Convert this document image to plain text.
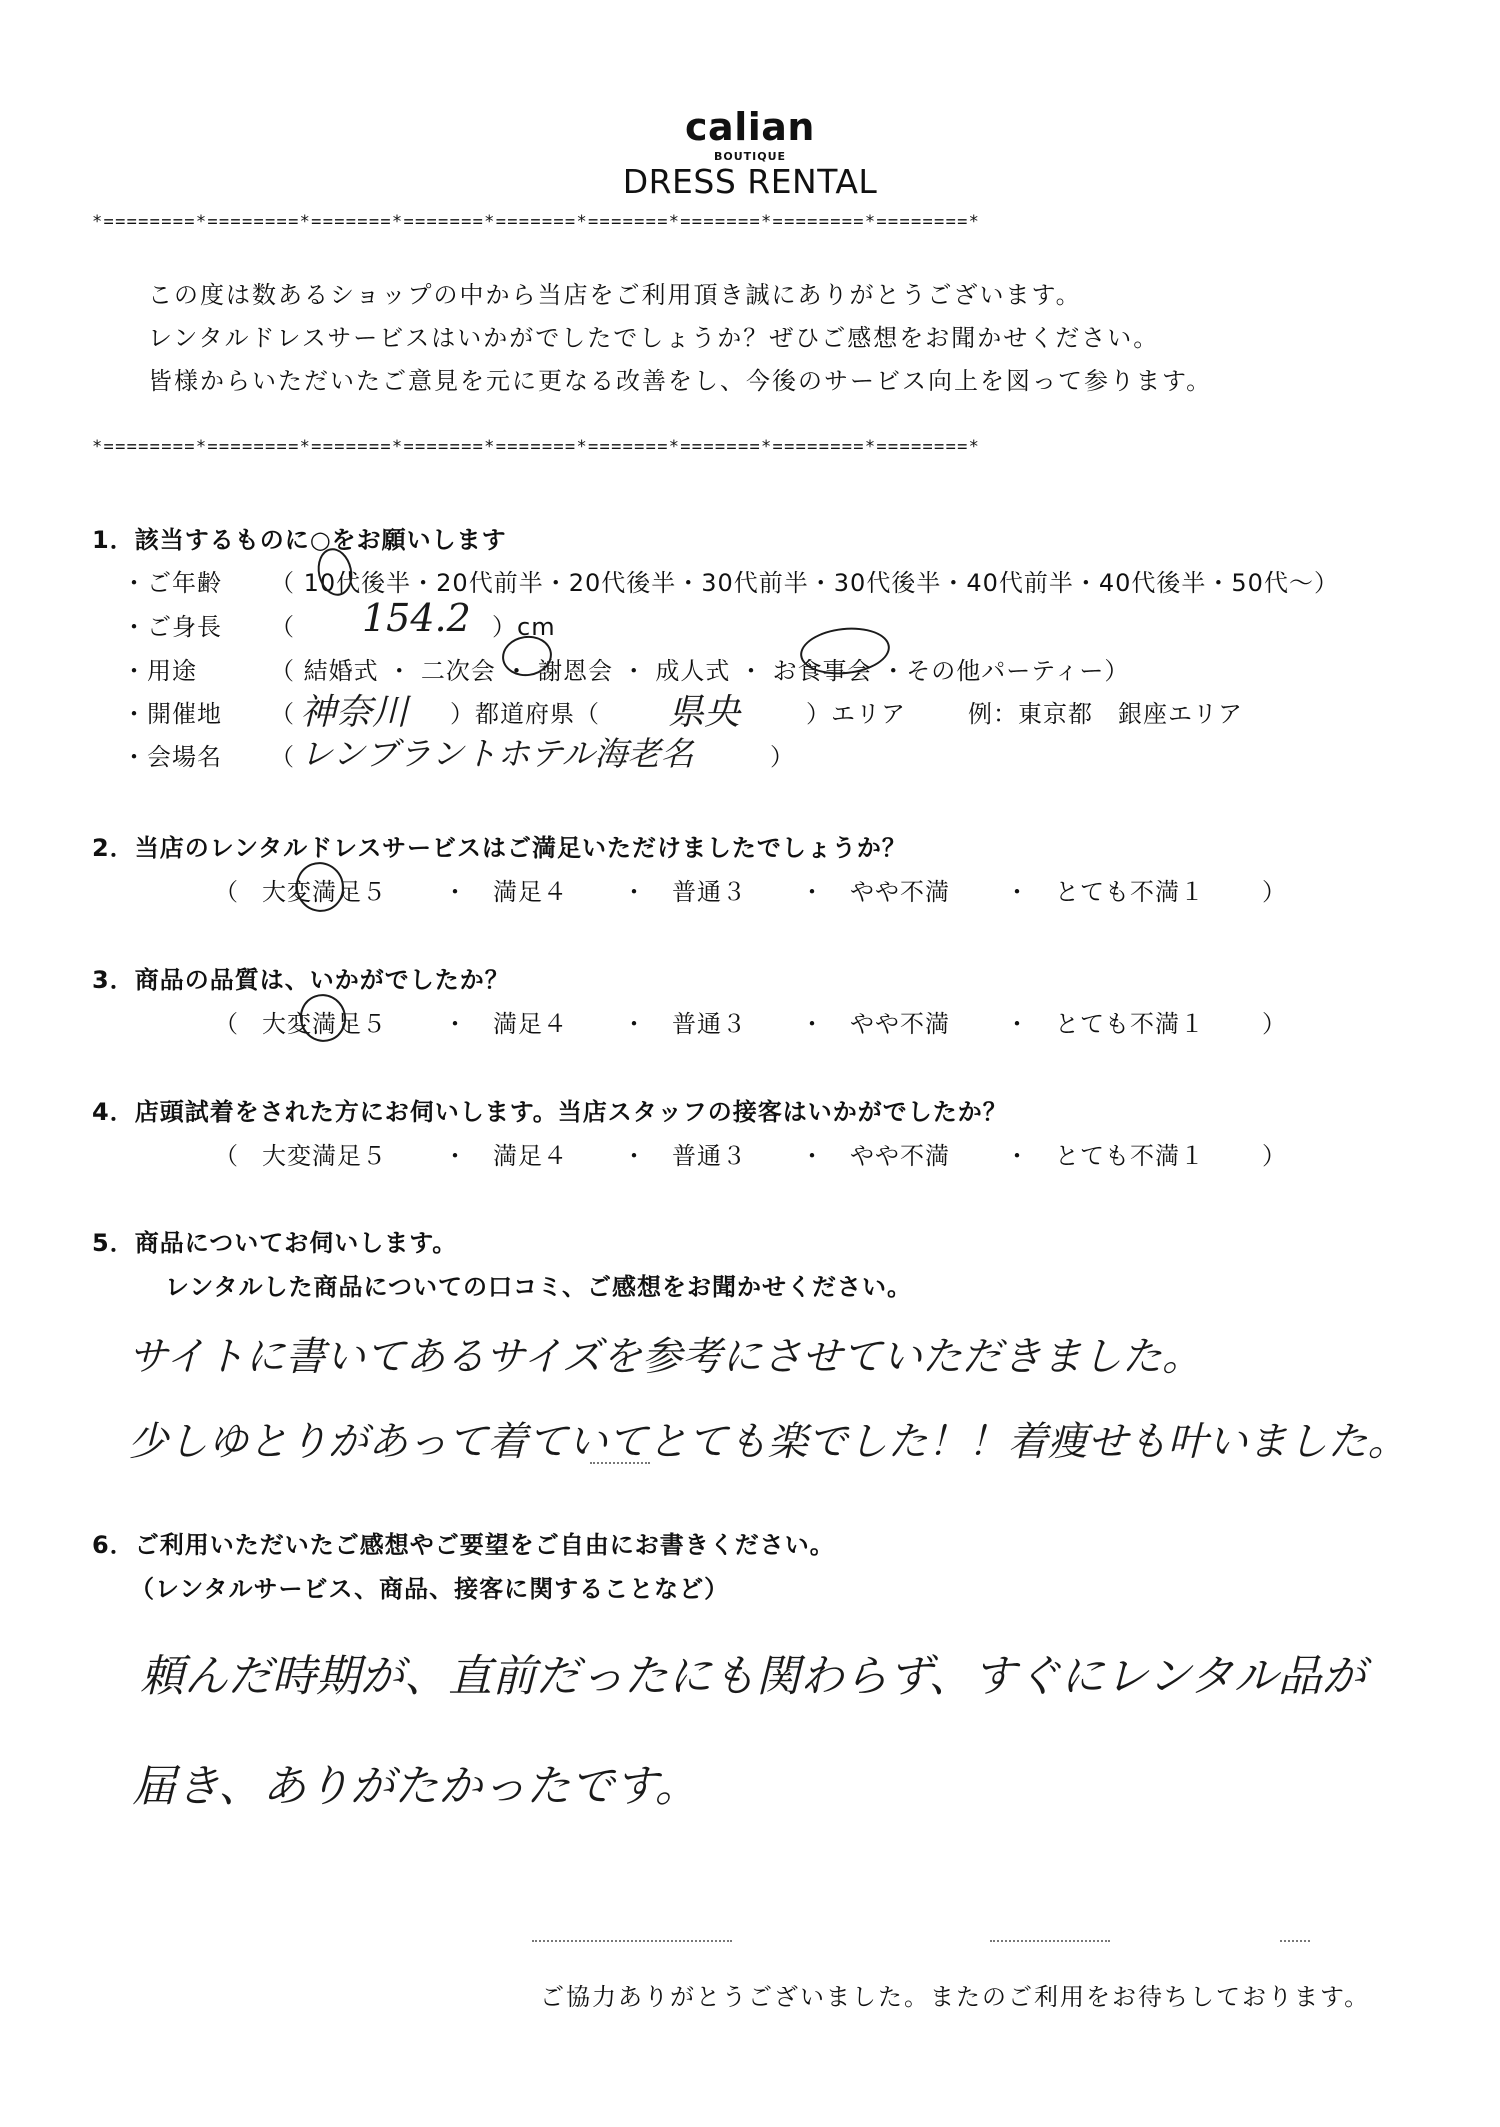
calian
BOUTIQUE
DRESS RENTAL
*========*========*=======*=======*=======*=======*=======*========*========*
この度は数あるショップの中から当店をご利用頂き誠にありがとうございます。
レンタルドレスサービスはいかがでしたでしょうか？ぜひご感想をお聞かせください。
皆様からいただいたご意見を元に更なる改善をし、今後のサービス向上を図って参ります。
*========*========*=======*=======*=======*=======*=======*========*========*
1．該当するものに○をお願いします
・ご年齢 （ 10代後半・20代前半・20代後半・30代前半・30代後半・40代前半・40代後半・50代～）
・ご身長 （ 154.2 ）cm
・用途	（ 結婚式 ・ 二次会 ・ 謝恩会 ・ 成人式 ・ お食事会 ・その他パーティー）
・開催地 （ 神奈川 ）都道府県（ 県央	）エリア	例：東京都　銀座エリア
・会場名 （ レンブラントホテル海老名	）
2．当店のレンタルドレスサービスはご満足いただけましたでしょうか？
（ 大変満足５ ・　満足４ ・　普通３ ・　やや不満 ・　とても不満１ ）
3．商品の品質は、いかがでしたか？
（ 大変満足５ ・　満足４ ・　普通３ ・　やや不満 ・　とても不満１ ）
4．店頭試着をされた方にお伺いします。当店スタッフの接客はいかがでしたか？
（ 大変満足５ ・　満足４ ・　普通３ ・　やや不満 ・　とても不満１ ）
5．商品についてお伺いします。
レンタルした商品についての口コミ、ご感想をお聞かせください。
サイトに書いてあるサイズを参考にさせていただきました。
少しゆとりがあって着ていてとても楽でした！！着痩せも叶いました。
6．ご利用いただいたご感想やご要望をご自由にお書きください。
（レンタルサービス、商品、接客に関することなど）
頼んだ時期が、直前だったにも関わらず、すぐにレンタル品が
届き、ありがたかったです。
ご協力ありがとうございました。またのご利用をお待ちしております。
